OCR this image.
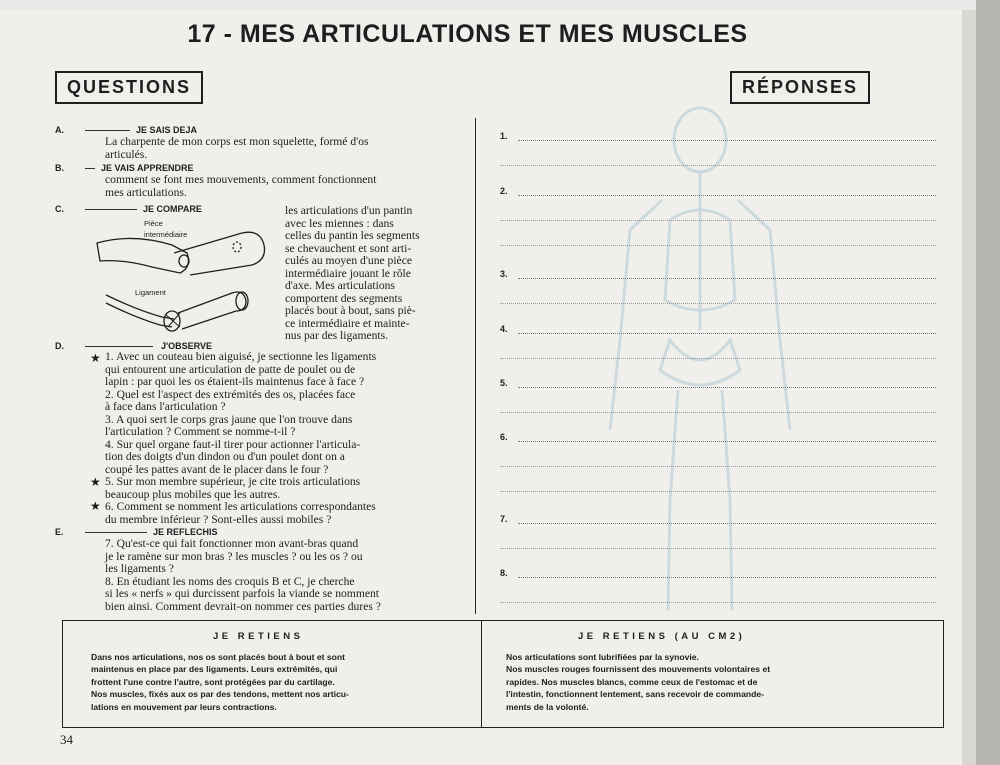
17 - MES ARTICULATIONS ET MES MUSCLES
QUESTIONS	RÉPONSES
A.	JE SAIS DEJA
La charpente de mon corps est mon squelette, formé d'os
articulés.
B.	JE VAIS APPRENDRE
comment se font mes mouvements, comment fonctionnent
mes articulations.
C.	JE COMPARE
Pièce
intermédiaire
Ligament
les articulations d'un pantin
avec les miennes : dans
celles du pantin les segments
se chevauchent et sont arti-
culés au moyen d'une pièce
intermédiaire jouant le rôle
d'axe. Mes articulations
comportent des segments
placés bout à bout, sans piè-
ce intermédiaire et mainte-
nus par des ligaments.
D.	J'OBSERVE
★
★
★
1. Avec un couteau bien aiguisé, je sectionne les ligaments
qui entourent une articulation de patte de poulet ou de
lapin : par quoi les os étaient-ils maintenus face à face ?
2. Quel est l'aspect des extrémités des os, placées face
à face dans l'articulation ?
3. A quoi sert le corps gras jaune que l'on trouve dans
l'articulation ? Comment se nomme-t-il ?
4. Sur quel organe faut-il tirer pour actionner l'articula-
tion des doigts d'un dindon ou d'un poulet dont on a
coupé les pattes avant de le placer dans le four ?
5. Sur mon membre supérieur, je cite trois articulations
beaucoup plus mobiles que les autres.
6. Comment se nomment les articulations correspondantes
du membre inférieur ? Sont-elles aussi mobiles ?
E.	JE REFLECHIS
7. Qu'est-ce qui fait fonctionner mon avant-bras quand
je le ramène sur mon bras ? les muscles ? ou les os ? ou
les ligaments ?
8. En étudiant les noms des croquis B et C, je cherche
si les « nerfs » qui durcissent parfois la viande se nomment
bien ainsi. Comment devrait-on nommer ces parties dures ?
1.
2.
3.
4.
5.
6.
7.
8.
JE RETIENS
Dans nos articulations, nos os sont placés bout à bout et sont
maintenus en place par des ligaments. Leurs extrémités, qui
frottent l'une contre l'autre, sont protégées par du cartilage.
Nos muscles, fixés aux os par des tendons, mettent nos articu-
lations en mouvement par leurs contractions.
JE RETIENS (AU CM2)
Nos articulations sont lubrifiées par la synovie.
Nos muscles rouges fournissent des mouvements volontaires et
rapides. Nos muscles blancs, comme ceux de l'estomac et de
l'intestin, fonctionnent lentement, sans recevoir de commande-
ments de la volonté.
34
